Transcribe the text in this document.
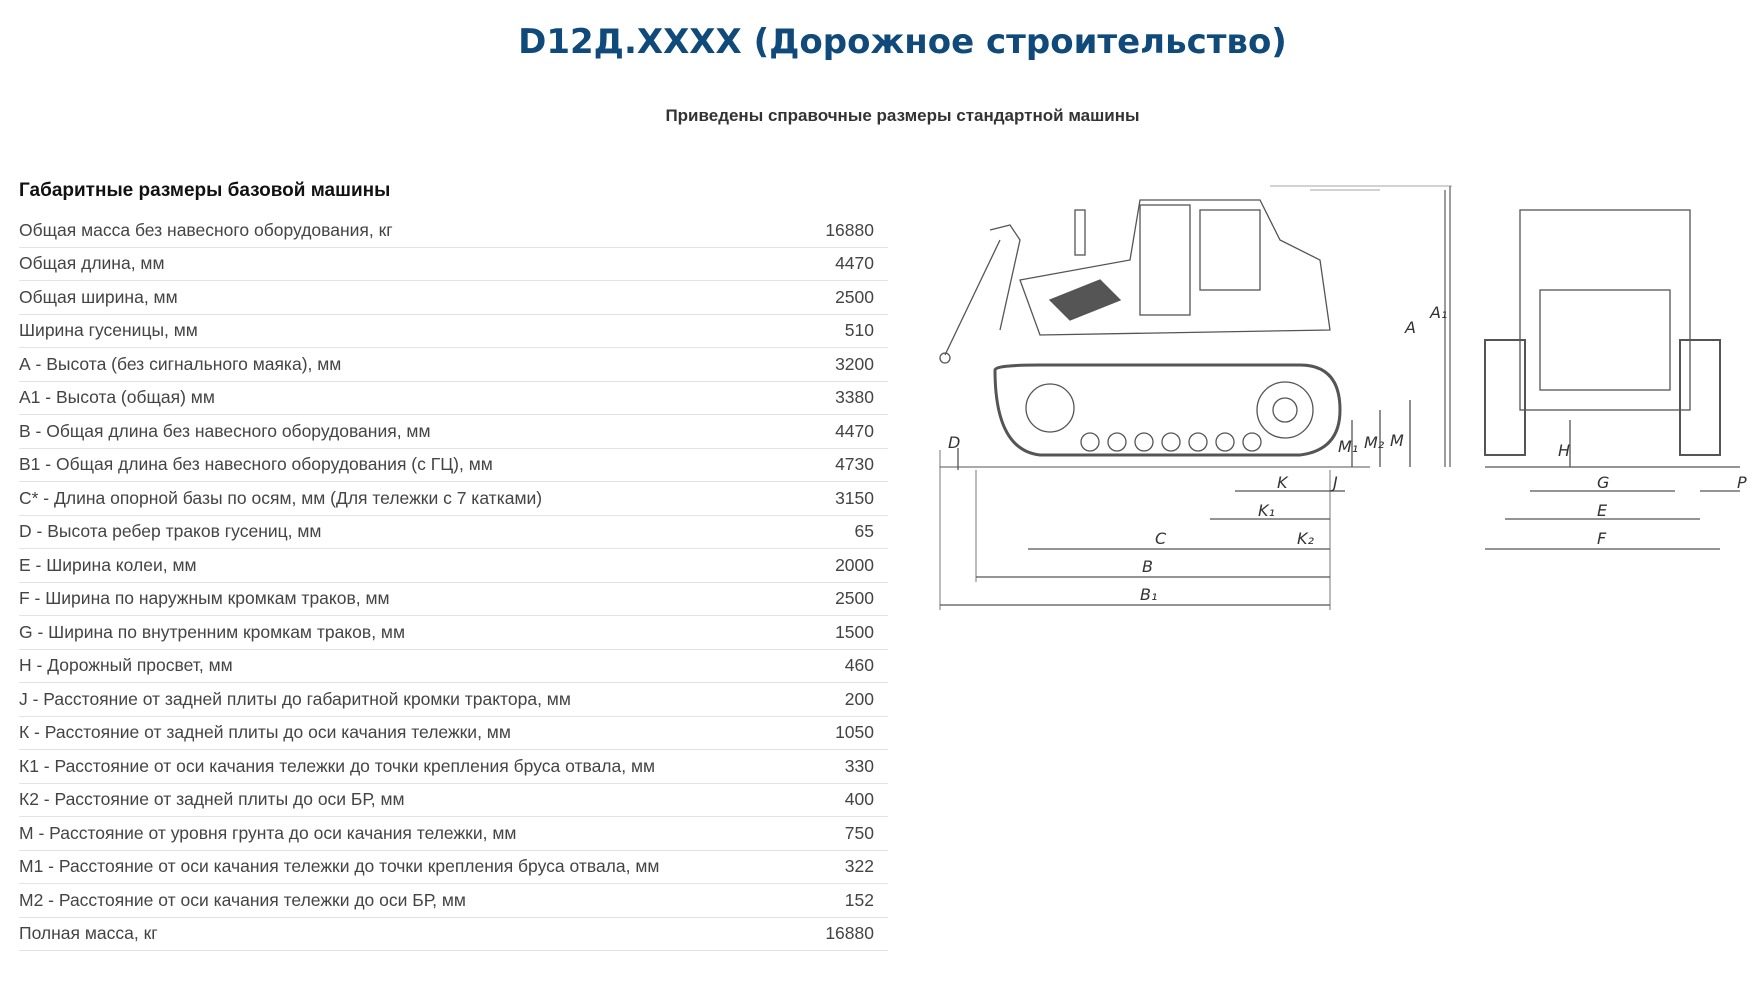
D12Д.ХХХХ (Дорожное строительство)
Приведены справочные размеры стандартной машины
Габаритные размеры базовой машины
Общая масса без навесного оборудования, кг	16880
Общая длина, мм	4470
Общая ширина, мм	2500
Ширина гусеницы, мм	510
А - Высота (без сигнального маяка), мм	3200
А1 - Высота (общая) мм	3380
В - Общая длина без навесного оборудования, мм	4470
В1 - Общая длина без навесного оборудования (с ГЦ), мм	4730
С* - Длина опорной базы по осям, мм (Для тележки с 7 катками)	3150
D - Высота ребер траков гусениц, мм	65
Е - Ширина колеи, мм	2000
F - Ширина по наружным кромкам траков, мм	2500
G - Ширина по внутренним кромкам траков, мм	1500
Н - Дорожный просвет, мм	460
J - Расстояние от задней плиты до габаритной кромки трактора, мм	200
К - Расстояние от задней плиты до оси качания тележки, мм	1050
К1 - Расстояние от оси качания тележки до точки крепления бруса отвала, мм	330
К2 - Расстояние от задней плиты до оси БР, мм	400
М - Расстояние от уровня грунта до оси качания тележки, мм	750
М1 - Расстояние от оси качания тележки до точки крепления бруса отвала, мм	322
М2 - Расстояние от оси качания тележки до оси БР, мм	152
Полная масса, кг	16880
A
A₁
D	M
M₁ M₂
K	J
K₁
K₂
C
B
B₁
H
G
E
F
P
